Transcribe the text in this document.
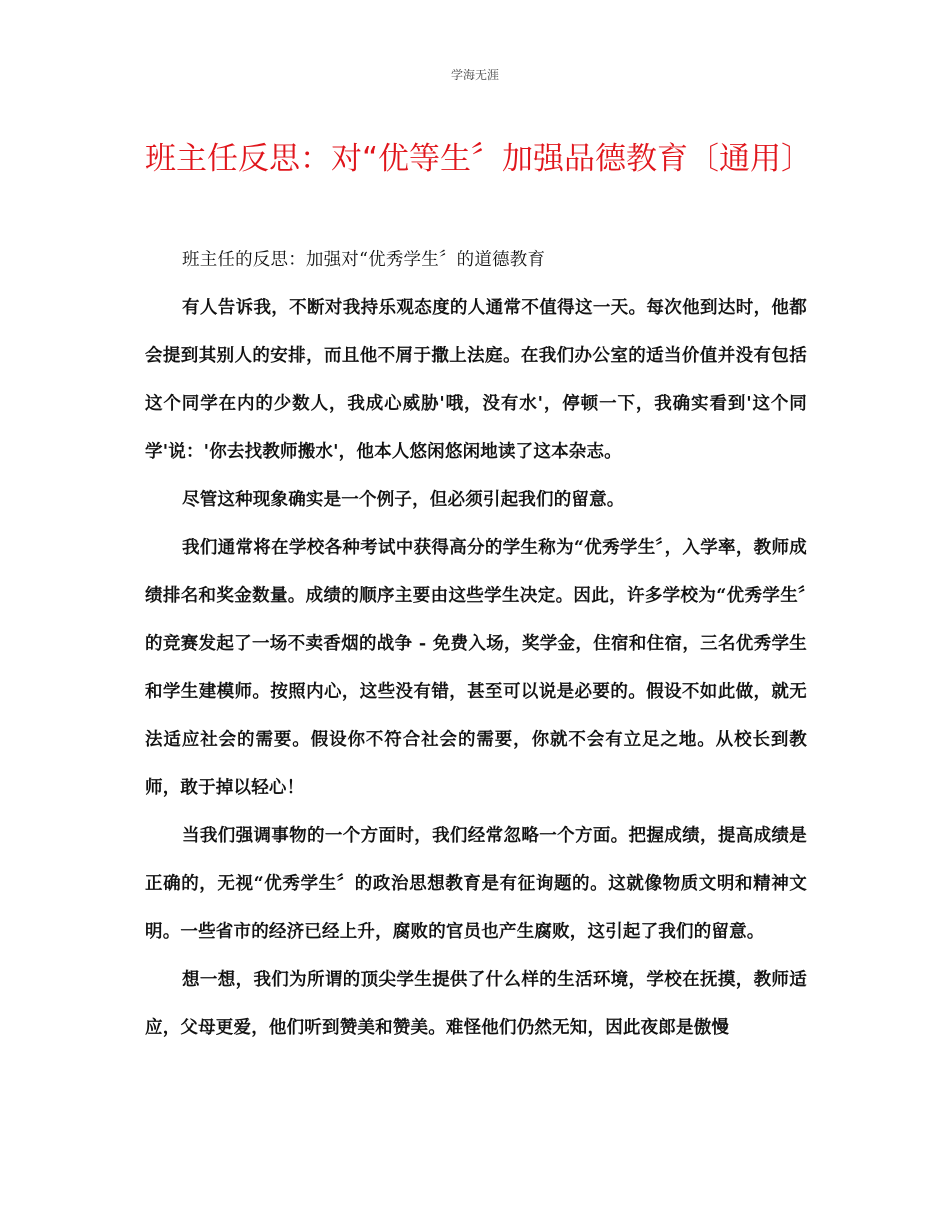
学海无涯
班主任反思：对“优等生〞加强品德教育〔通用〕

班主任的反思：加强对“优秀学生〞的道德教育

有人告诉我，不断对我持乐观态度的人通常不值得这一天。每次他到达时，他都会提到其别人的安排，而且他不屑于撒上法庭。在我们办公室的适当价值并没有包括这个同学在内的少数人，我成心威胁'哦，没有水'，停顿一下，我确实看到'这个同学'说：'你去找教师搬水'，他本人悠闲悠闲地读了这本杂志。

尽管这种现象确实是一个例子，但必须引起我们的留意。

我们通常将在学校各种考试中获得高分的学生称为“优秀学生〞，入学率，教师成绩排名和奖金数量。成绩的顺序主要由这些学生决定。因此，许多学校为“优秀学生〞的竞赛发起了一场不卖香烟的战争 - 免费入场，奖学金，住宿和住宿，三名优秀学生和学生建模师。按照内心，这些没有错，甚至可以说是必要的。假设不如此做，就无法适应社会的需要。假设你不符合社会的需要，你就不会有立足之地。从校长到教师，敢于掉以轻心！

当我们强调事物的一个方面时，我们经常忽略一个方面。把握成绩，提高成绩是正确的，无视“优秀学生〞的政治思想教育是有征询题的。这就像物质文明和精神文明。一些省市的经济已经上升，腐败的官员也产生腐败，这引起了我们的留意。

想一想，我们为所谓的顶尖学生提供了什么样的生活环境，学校在抚摸，教师适应，父母更爱，他们听到赞美和赞美。难怪他们仍然无知，因此夜郎是傲慢
